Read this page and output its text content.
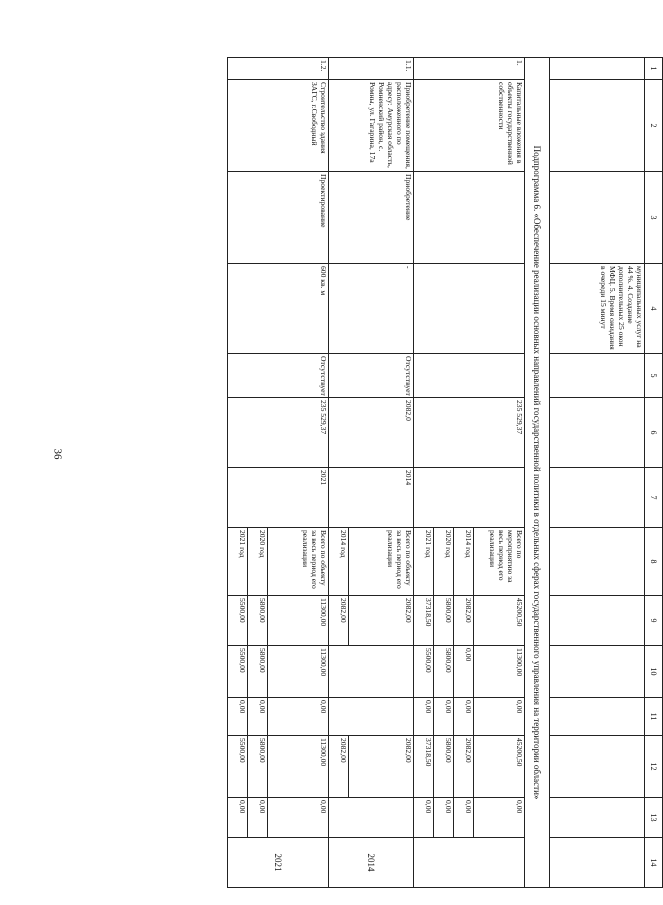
36
1	2	3	4	5	6	7	8	9	10	11	12	13	14
			муниципальных услуг на 44 %. 4. Создание дополнительных 25 окон МФЦ. 5. Время ожидания в очереди 15 минут										
Подпрограмма 6. «Обеспечение реализации основных направлений государственной политики в отдельных сферах государственного управления на территории области»													
1.	Капитальные вложения в объекты государственной собственности				235 529,37		Всего по мероприятию за весь период его реализации	45200,50	11300,00	0,00	45200,50	0,00	
							2014 год	2082,00	0,00	0,00	2082,00	0,00	
							2020 год	5800,00	5800,00	0,00	5800,00	0,00	
							2021 год	37318,50	5500,00	0,00	37318,50	0,00	
1.1.	Приобретение помещения, расположенного по адресу: Амурская область, Ромненский район, с. Ромны, ул. Гагарина, 17а	Приобретение	-	Отсутствует	2082,0	2014	Всего по объекту за весь период его реализации	2082,00			2082,00		2014
							2014 год	2082,00			2082,00		
1.2.	Строительство здания ЗАГС, г.Свободный	Проектирование	600 кв. м	Отсутствует	235 529,37	2021	Всего по объекту за весь период его реализации	11300,00	11300,00	0,00	11300,00	0,00	2021
							2020 год	5800,00	5800,00	0,00	5800,00	0,00	
							2021 год	5500,00	5500,00	0,00	5500,00	0,00	
